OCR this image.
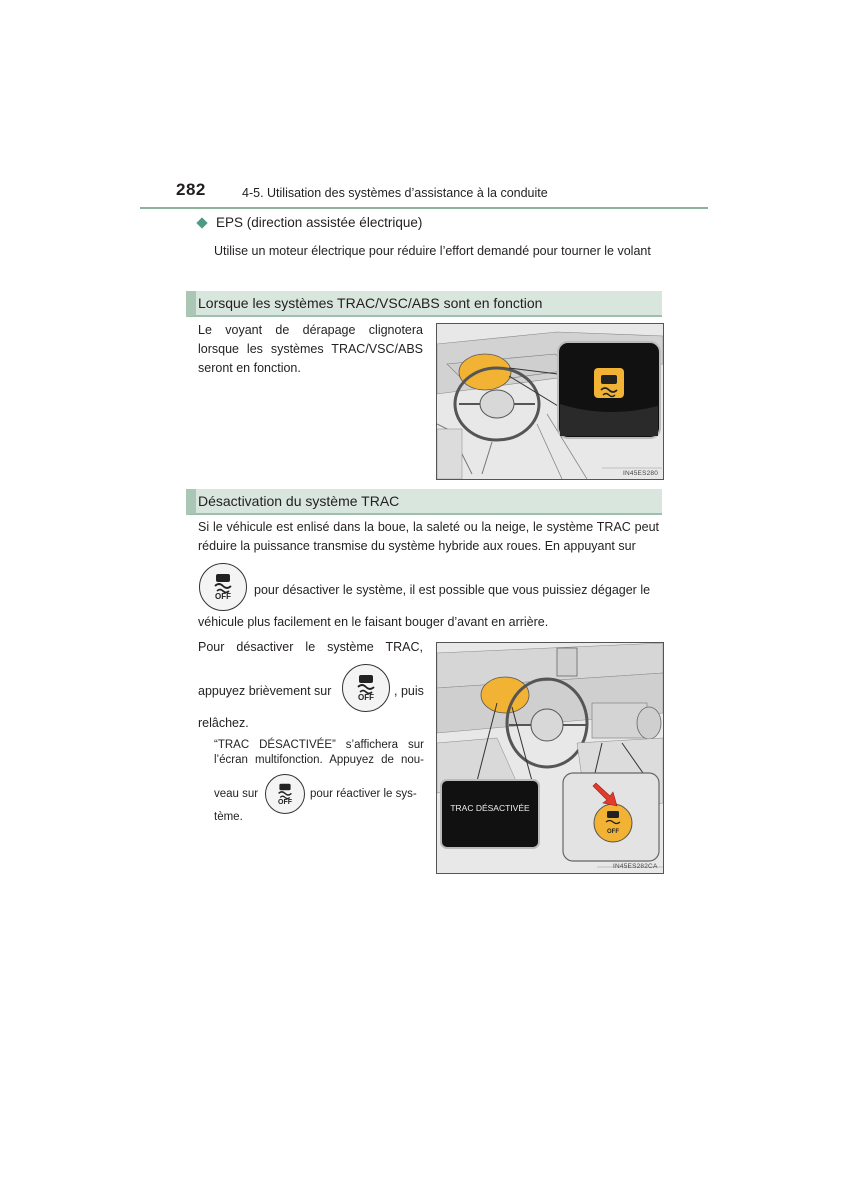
282	4-5. Utilisation des systèmes d’assistance à la conduite
EPS (direction assistée électrique)
Utilise un moteur électrique pour réduire l’effort demandé pour tourner le volant
Lorsque les systèmes TRAC/VSC/ABS sont en fonction
Le voyant de dérapage clignotera lorsque les systèmes TRAC/VSC/ABS seront en fonction.
IN45ES280
Désactivation du système TRAC
Si le véhicule est enlisé dans la boue, la saleté ou la neige, le système TRAC peut réduire la puissance transmise du système hybride aux roues. En appuyant sur
OFF pour désactiver le système, il est possible que vous puissiez dégager le
véhicule plus facilement en le faisant bouger d’avant en arrière.
Pour désactiver le système TRAC,
appuyez brièvement sur	OFF , puis
relâchez.
“TRAC DÉSACTIVÉE” s’affichera sur
l’écran multifonction. Appuyez de nou-
veau sur
OFF
pour réactiver le sys-
tème.
OFF
TRAC DÉSACTIVÉE
IN45ES282CA
